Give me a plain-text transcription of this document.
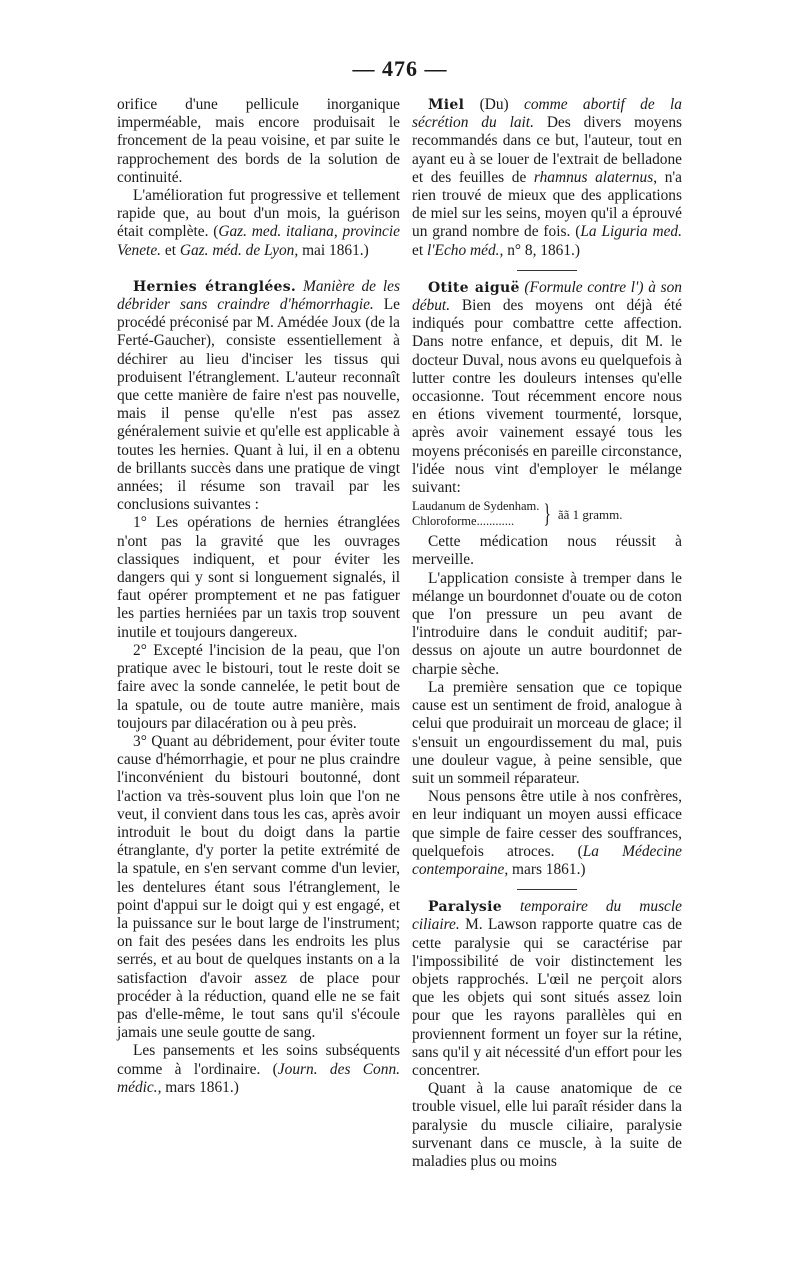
— 476 —

orifice d'une pellicule inorganique imperméable, mais encore produisait le froncement de la peau voisine, et par suite le rapprochement des bords de la solution de continuité.

L'amélioration fut progressive et tellement rapide que, au bout d'un mois, la guérison était complète. (Gaz. med. italiana, provincie Venete. et Gaz. méd. de Lyon, mai 1861.)

Hernies étranglées. Manière de les débrider sans craindre d'hémorrhagie. Le procédé préconisé par M. Amédée Joux (de la Ferté-Gaucher), consiste essentiellement à déchirer au lieu d'inciser les tissus qui produisent l'étranglement. L'auteur reconnaît que cette manière de faire n'est pas nouvelle, mais il pense qu'elle n'est pas assez généralement suivie et qu'elle est applicable à toutes les hernies. Quant à lui, il en a obtenu de brillants succès dans une pratique de vingt années; il résume son travail par les conclusions suivantes :

1° Les opérations de hernies étranglées n'ont pas la gravité que les ouvrages classiques indiquent, et pour éviter les dangers qui y sont si longuement signalés, il faut opérer promptement et ne pas fatiguer les parties herniées par un taxis trop souvent inutile et toujours dangereux.

2° Excepté l'incision de la peau, que l'on pratique avec le bistouri, tout le reste doit se faire avec la sonde cannelée, le petit bout de la spatule, ou de toute autre manière, mais toujours par dilacération ou à peu près.

3° Quant au débridement, pour éviter toute cause d'hémorrhagie, et pour ne plus craindre l'inconvénient du bistouri boutonné, dont l'action va très-souvent plus loin que l'on ne veut, il convient dans tous les cas, après avoir introduit le bout du doigt dans la partie étranglante, d'y porter la petite extrémité de la spatule, en s'en servant comme d'un levier, les dentelures étant sous l'étranglement, le point d'appui sur le doigt qui y est engagé, et la puissance sur le bout large de l'instrument; on fait des pesées dans les endroits les plus serrés, et au bout de quelques instants on a la satisfaction d'avoir assez de place pour procéder à la réduction, quand elle ne se fait pas d'elle-même, le tout sans qu'il s'écoule jamais une seule goutte de sang.

Les pansements et les soins subséquents comme à l'ordinaire. (Journ. des Conn. médic., mars 1861.)

Miel (Du) comme abortif de la sécrétion du lait. Des divers moyens recommandés dans ce but, l'auteur, tout en ayant eu à se louer de l'extrait de belladone et des feuilles de rhamnus alaternus, n'a rien trouvé de mieux que des applications de miel sur les seins, moyen qu'il a éprouvé un grand nombre de fois. (La Liguria med. et l'Echo méd., n° 8, 1861.)

Otite aiguë (Formule contre l') à son début. Bien des moyens ont déjà été indiqués pour combattre cette affection. Dans notre enfance, et depuis, dit M. le docteur Duval, nous avons eu quelquefois à lutter contre les douleurs intenses qu'elle occasionne. Tout récemment encore nous en étions vivement tourmenté, lorsque, après avoir vainement essayé tous les moyens préconisés en pareille circonstance, l'idée nous vint d'employer le mélange suivant:

Laudanum de Sydenham.
Chloroforme............	} ãã 1 gramm.

Cette médication nous réussit à merveille.

L'application consiste à tremper dans le mélange un bourdonnet d'ouate ou de coton que l'on pressure un peu avant de l'introduire dans le conduit auditif; par-dessus on ajoute un autre bourdonnet de charpie sèche.

La première sensation que ce topique cause est un sentiment de froid, analogue à celui que produirait un morceau de glace; il s'ensuit un engourdissement du mal, puis une douleur vague, à peine sensible, que suit un sommeil réparateur.

Nous pensons être utile à nos confrères, en leur indiquant un moyen aussi efficace que simple de faire cesser des souffrances, quelquefois atroces. (La Médecine contemporaine, mars 1861.)

Paralysie temporaire du muscle ciliaire. M. Lawson rapporte quatre cas de cette paralysie qui se caractérise par l'impossibilité de voir distinctement les objets rapprochés. L'œil ne perçoit alors que les objets qui sont situés assez loin pour que les rayons parallèles qui en proviennent forment un foyer sur la rétine, sans qu'il y ait nécessité d'un effort pour les concentrer.

Quant à la cause anatomique de ce trouble visuel, elle lui paraît résider dans la paralysie du muscle ciliaire, paralysie survenant dans ce muscle, à la suite de maladies plus ou moins
